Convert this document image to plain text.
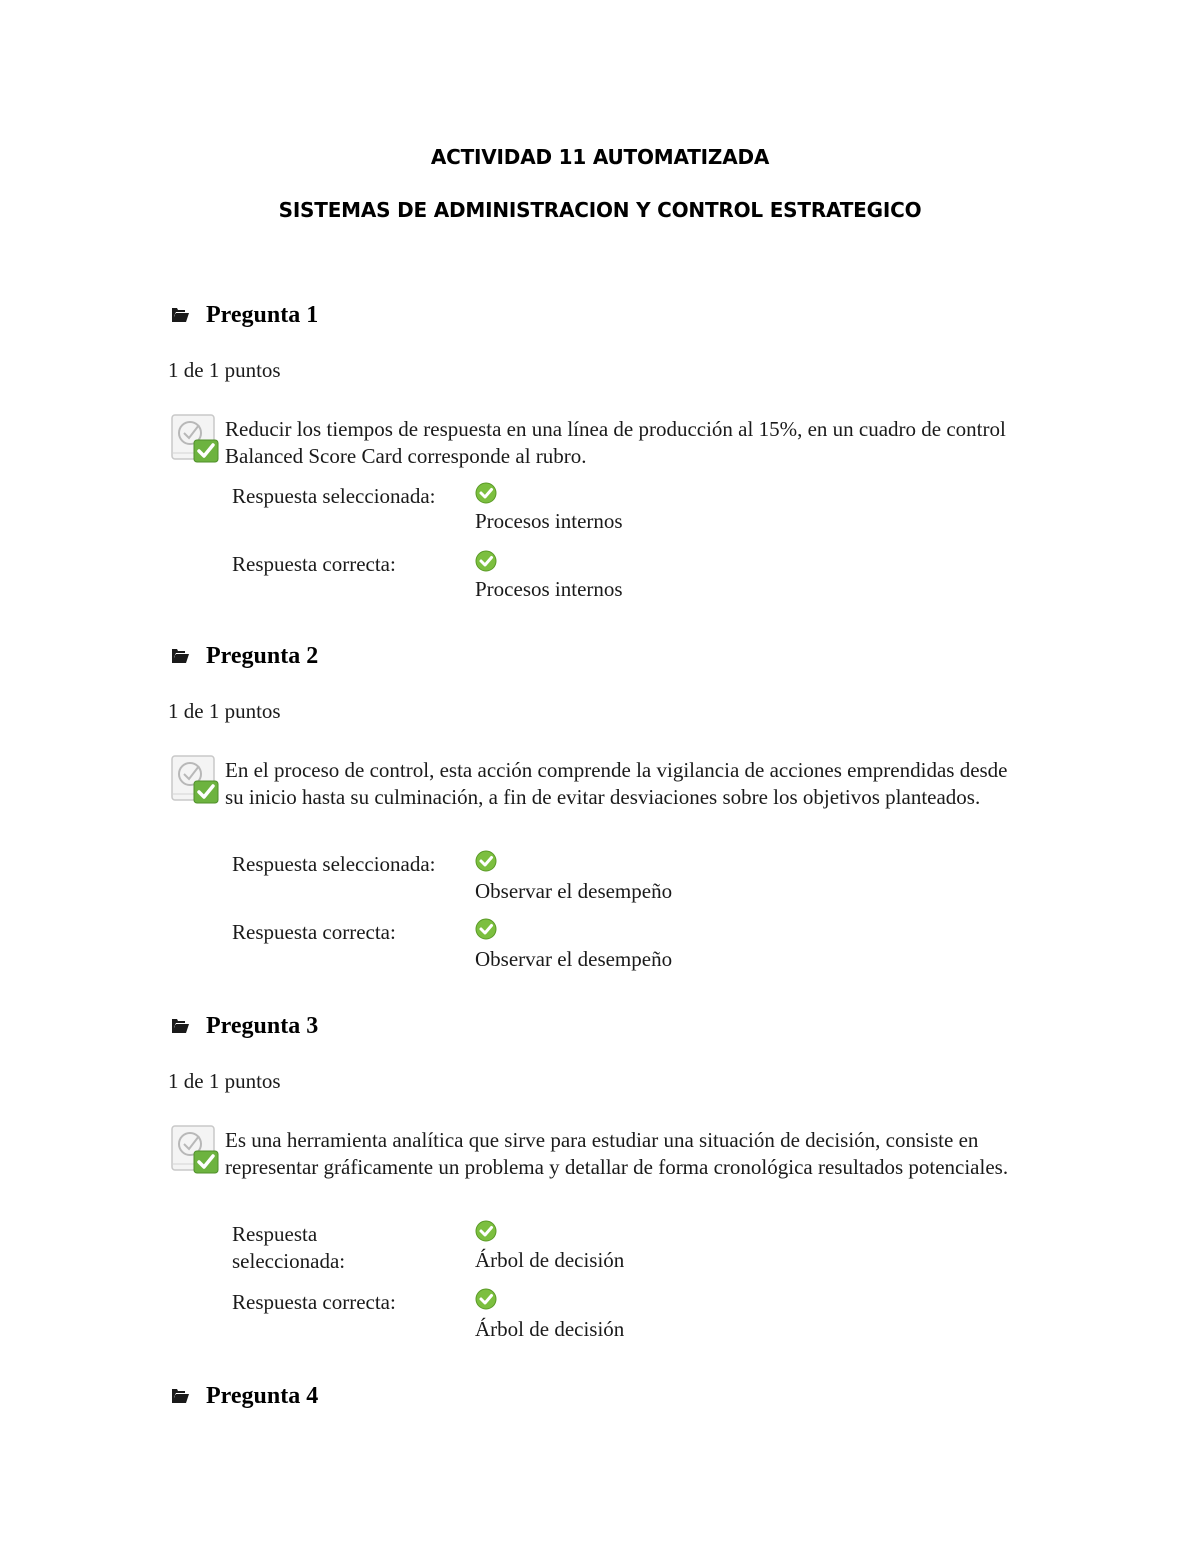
ACTIVIDAD 11 AUTOMATIZADA
SISTEMAS DE ADMINISTRACION Y CONTROL ESTRATEGICO
Pregunta 1
1 de 1 puntos
Reducir los tiempos de respuesta en una línea de producción al 15%, en un cuadro de control Balanced Score Card corresponde al rubro.
Respuesta seleccionada:
Procesos internos
Respuesta correcta:
Procesos internos
Pregunta 2
1 de 1 puntos
En el proceso de control, esta acción comprende la vigilancia de acciones emprendidas desde su inicio hasta su culminación, a fin de evitar desviaciones sobre los objetivos planteados.
Respuesta seleccionada:
Observar el desempeño
Respuesta correcta:
Observar el desempeño
Pregunta 3
1 de 1 puntos
Es una herramienta analítica que sirve para estudiar una situación de decisión, consiste en representar gráficamente un problema y detallar de forma cronológica resultados potenciales.
Respuesta seleccionada:	Árbol de decisión
Respuesta correcta:
Árbol de decisión
Pregunta 4
